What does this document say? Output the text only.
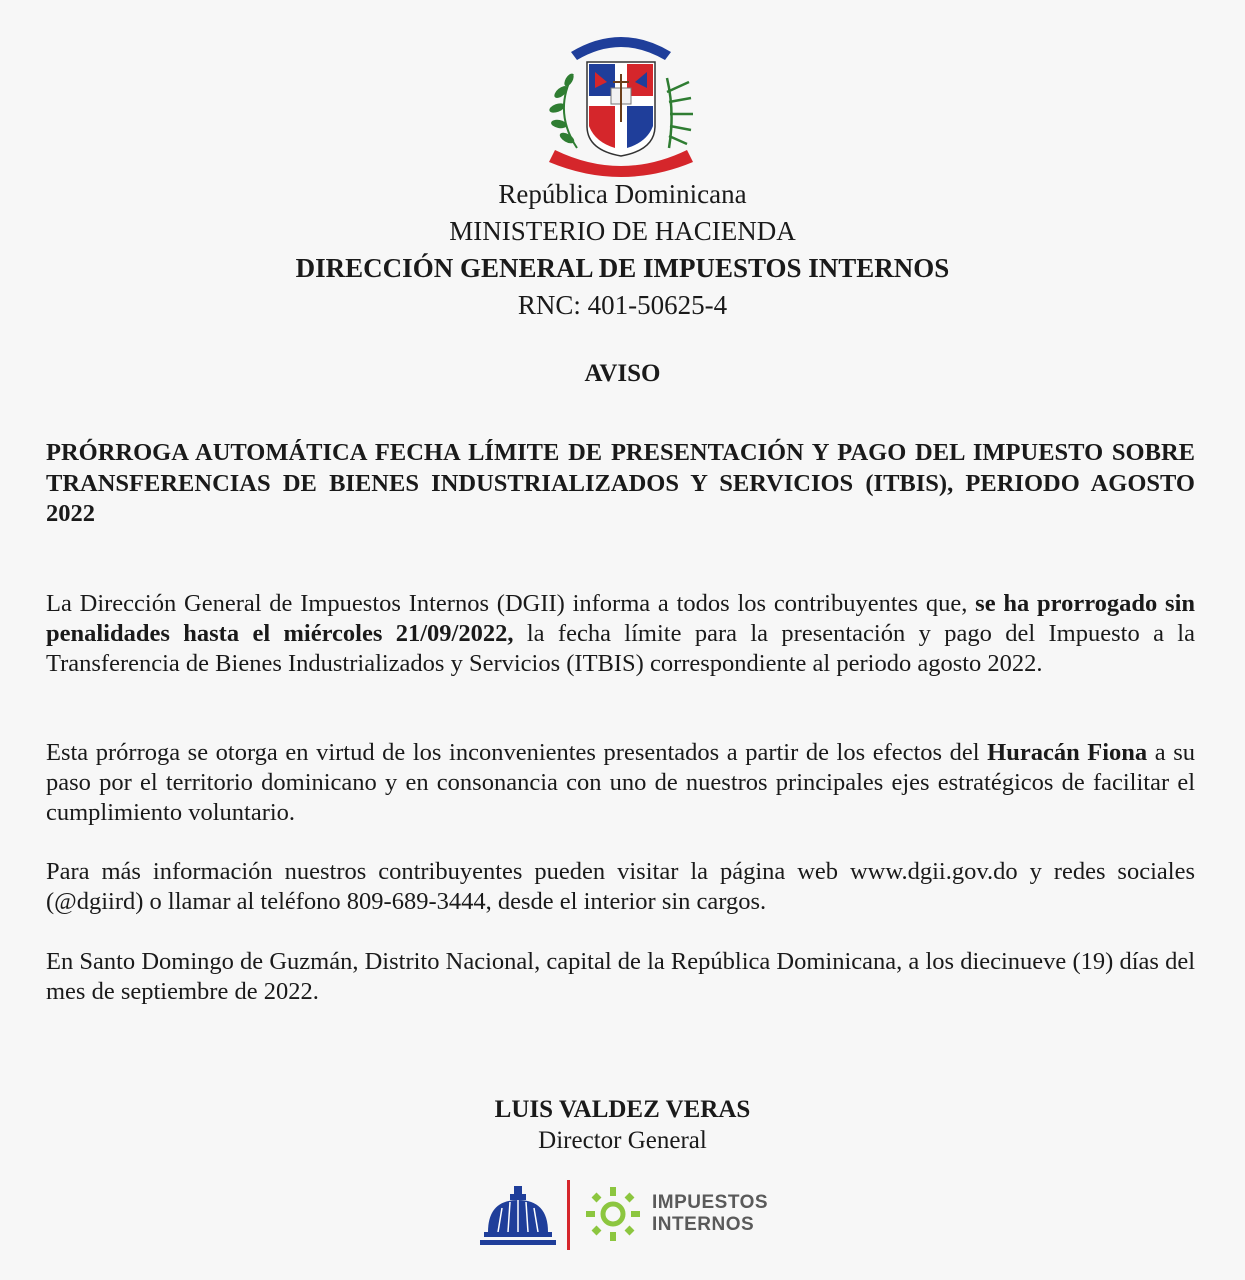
República Dominicana
MINISTERIO DE HACIENDA
DIRECCIÓN GENERAL DE IMPUESTOS INTERNOS
RNC: 401-50625-4
AVISO
PRÓRROGA AUTOMÁTICA FECHA LÍMITE DE PRESENTACIÓN Y PAGO DEL IMPUESTO SOBRE TRANSFERENCIAS DE BIENES INDUSTRIALIZADOS Y SERVICIOS (ITBIS), PERIODO AGOSTO 2022
La Dirección General de Impuestos Internos (DGII) informa a todos los contribuyentes que, se ha prorrogado sin penalidades hasta el miércoles 21/09/2022, la fecha límite para la presentación y pago del Impuesto a la Transferencia de Bienes Industrializados y Servicios (ITBIS) correspondiente al periodo agosto 2022.
Esta prórroga se otorga en virtud de los inconvenientes presentados a partir de los efectos del Huracán Fiona a su paso por el territorio dominicano y en consonancia con uno de nuestros principales ejes estratégicos de facilitar el cumplimiento voluntario.
Para más información nuestros contribuyentes pueden visitar la página web www.dgii.gov.do y redes sociales (@dgiird) o llamar al teléfono 809-689-3444, desde el interior sin cargos.
En Santo Domingo de Guzmán, Distrito Nacional, capital de la República Dominicana, a los diecinueve (19) días del mes de septiembre de 2022.
LUIS VALDEZ VERAS
Director General
IMPUESTOS
INTERNOS
